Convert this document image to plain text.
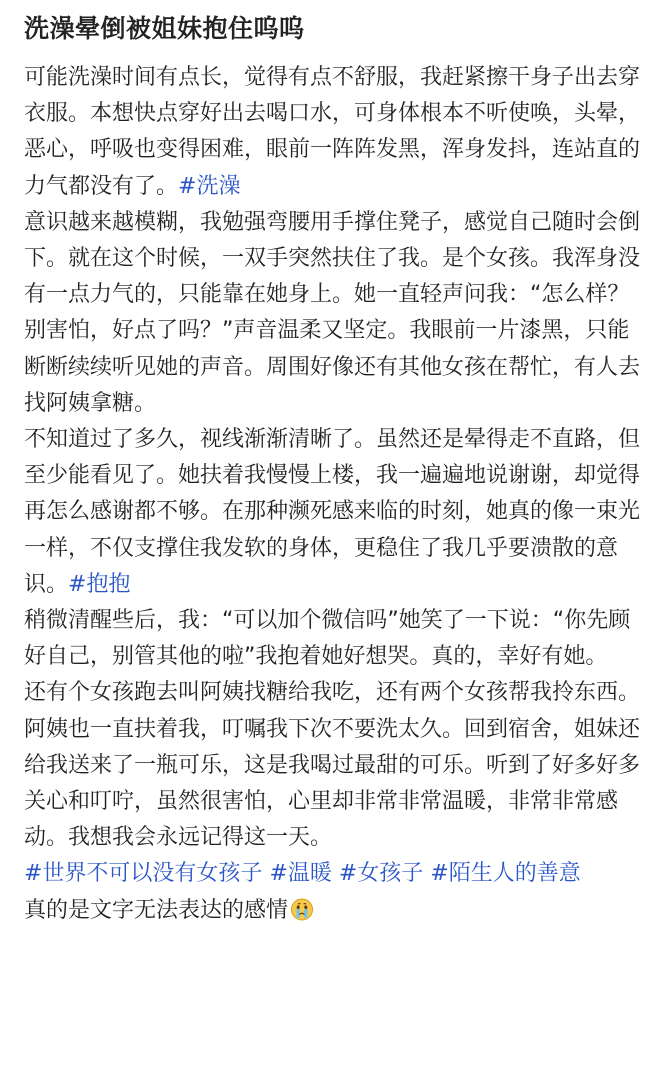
洗澡晕倒被姐妹抱住呜呜

可能洗澡时间有点长，觉得有点不舒服，我赶紧擦干身子出去穿衣服。本想快点穿好出去喝口水，可身体根本不听使唤，头晕，恶心，呼吸也变得困难，眼前一阵阵发黑，浑身发抖，连站直的力气都没有了。#洗澡

意识越来越模糊，我勉强弯腰用手撑住凳子，感觉自己随时会倒下。就在这个时候，一双手突然扶住了我。是个女孩。我浑身没有一点力气的，只能靠在她身上。她一直轻声问我：“怎么样？别害怕，好点了吗？”声音温柔又坚定。我眼前一片漆黑，只能断断续续听见她的声音。周围好像还有其他女孩在帮忙，有人去找阿姨拿糖。

不知道过了多久，视线渐渐清晰了。虽然还是晕得走不直路，但至少能看见了。她扶着我慢慢上楼，我一遍遍地说谢谢，却觉得再怎么感谢都不够。在那种濒死感来临的时刻，她真的像一束光一样，不仅支撑住我发软的身体，更稳住了我几乎要溃散的意识。#抱抱

稍微清醒些后，我：“可以加个微信吗”她笑了一下说：“你先顾好自己，别管其他的啦”我抱着她好想哭。真的，幸好有她。

还有个女孩跑去叫阿姨找糖给我吃，还有两个女孩帮我拎东西。阿姨也一直扶着我，叮嘱我下次不要洗太久。回到宿舍，姐妹还给我送来了一瓶可乐，这是我喝过最甜的可乐。听到了好多好多关心和叮咛，虽然很害怕，心里却非常非常温暖，非常非常感动。我想我会永远记得这一天。

#世界不可以没有女孩子 #温暖 #女孩子 #陌生人的善意

真的是文字无法表达的感情
